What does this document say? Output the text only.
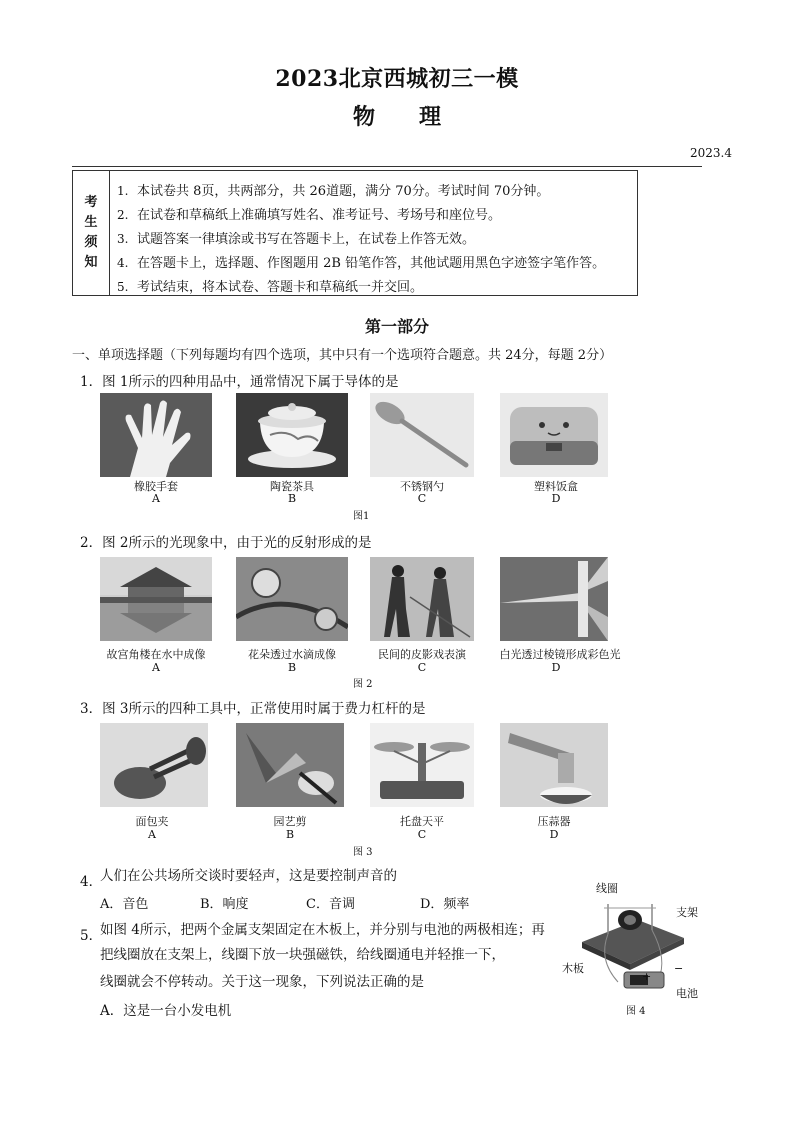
2023北京西城初三一模
物理
2023.4
考
生
须
知
1. 本试卷共 8页，共两部分，共 26道题，满分 70分。考试时间 70分钟。
2. 在试卷和草稿纸上准确填写姓名、准考证号、考场号和座位号。
3. 试题答案一律填涂或书写在答题卡上，在试卷上作答无效。
4. 在答题卡上，选择题、作图题用 2B 铅笔作答，其他试题用黑色字迹签字笔作答。
5. 考试结束，将本试卷、答题卡和草稿纸一并交回。
第一部分
一、单项选择题（下列每题均有四个选项，其中只有一个选项符合题意。共 24分，每题 2分）
1．图 1所示的四种用品中，通常情况下属于导体的是
橡胶手套
A
陶瓷茶具
B
不锈钢勺
C
塑料饭盒
D
图1
2．图 2所示的光现象中，由于光的反射形成的是
故宫角楼在水中成像
A
花朵透过水滴成像
B
民间的皮影戏表演
C
白光透过棱镜形成彩色光
D
图 2
3．图 3所示的四种工具中，正常使用时属于费力杠杆的是
面包夹
A
园艺剪
B
托盘天平
C
压蒜器
D
图 3
4．
人们在公共场所交谈时要轻声，这是要控制声音的
A．音色	B．响度	C．音调	D．频率
5．
如图 4所示，把两个金属支架固定在木板上，并分别与电池的两极相连；再
把线圈放在支架上，线圈下放一块强磁铁，给线圈通电并轻推一下，
线圈就会不停转动。关于这一现象，下列说法正确的是
A．这是一台小发电机
线圈
支架
木板
电池
+
−
图 4
